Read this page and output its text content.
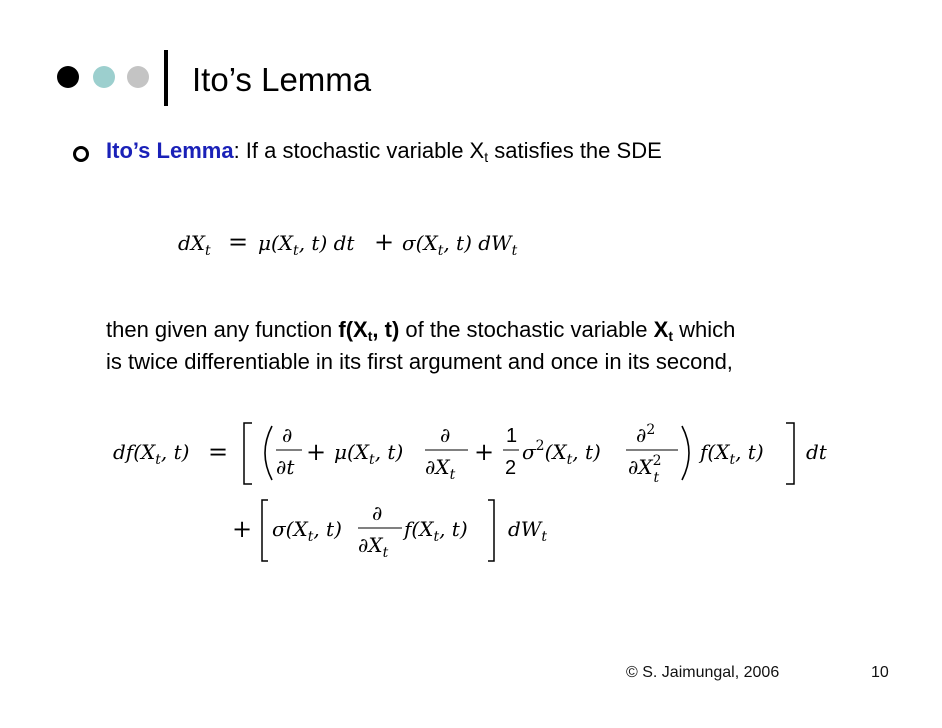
Ito’s Lemma
Ito’s Lemma: If a stochastic variable $X_t$ satisfies the SDE
then given any function $f(X_t$, t) of the stochastic variable $X_t$ which
is twice differentiable in its first argument and once in its second,
$dX_t = \mu(X_t$, t) dt + $\sigma(X_t$, t) $dW_t$
$df(X_t$, t) =
∂
∂t
+ $\mu(X_t$, t)
∂
$\partial X_t$
+
1
2
$\sigma^2(X_t$, t)
∂$^2$
$\partial X^2$ t
$f(X_t$, t) dt
+ $\sigma(X_t$, t)
∂
$\partial X_t$
$f(X_t$, t) $dW_t$
© S. Jaimungal, 2006	10
